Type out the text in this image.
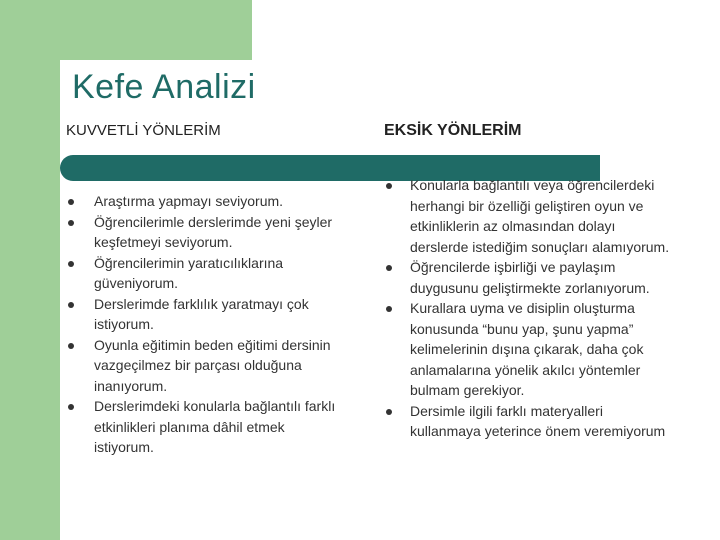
Kefe Analizi
KUVVETLİ YÖNLERİM	EKSİK YÖNLERİM
Araştırma yapmayı seviyorum.
Öğrencilerimle derslerimde yeni şeyler keşfetmeyi seviyorum.
Öğrencilerimin yaratıcılıklarına güveniyorum.
Derslerimde farklılık yaratmayı çok istiyorum.
Oyunla eğitimin beden eğitimi dersinin vazgeçilmez bir parçası olduğuna inanıyorum.
Derslerimdeki konularla bağlantılı farklı etkinlikleri planıma dâhil etmek istiyorum.
Konularla bağlantılı veya öğrencilerdeki herhangi bir özelliği geliştiren oyun ve etkinliklerin az olmasından dolayı derslerde istediğim sonuçları alamıyorum.
Öğrencilerde işbirliği ve paylaşım duygusunu geliştirmekte zorlanıyorum.
Kurallara uyma ve disiplin oluşturma konusunda “bunu yap, şunu yapma” kelimelerinin dışına çıkarak, daha çok anlamalarına yönelik akılcı yöntemler bulmam gerekiyor.
Dersimle ilgili farklı materyalleri kullanmaya yeterince önem veremiyorum
